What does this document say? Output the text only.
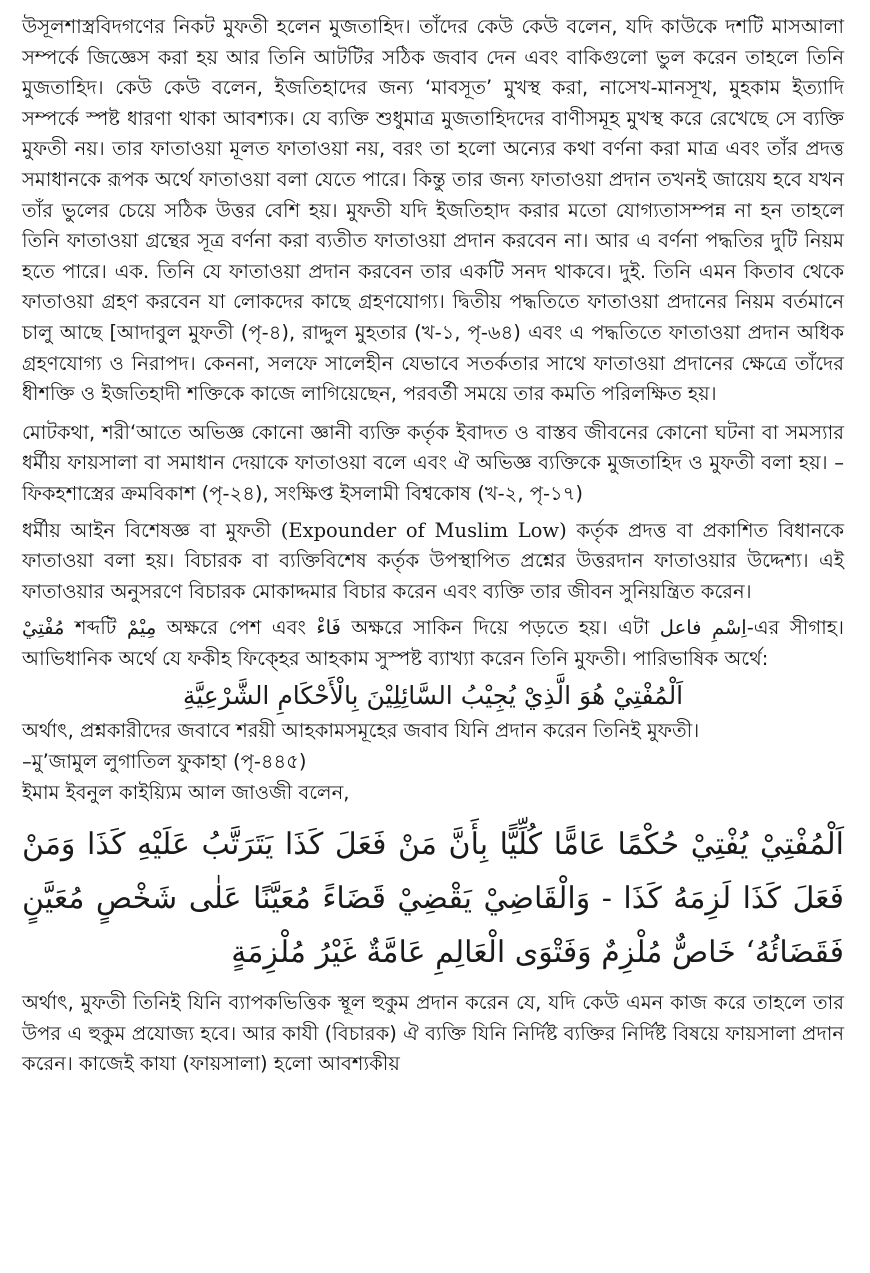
উসূলশাস্ত্রবিদগণের নিকট মুফতী হলেন মুজতাহিদ। তাঁদের কেউ কেউ বলেন, যদি কাউকে দশটি মাসআলা সম্পর্কে জিজ্ঞেস করা হয় আর তিনি আটটির সঠিক জবাব দেন এবং বাকিগুলো ভুল করেন তাহলে তিনি মুজতাহিদ। কেউ কেউ বলেন, ইজতিহাদের জন্য ‘মাবসূত’ মুখস্থ করা, নাসেখ-মানসূখ, মুহকাম ইত্যাদি সম্পর্কে স্পষ্ট ধারণা থাকা আবশ্যক। যে ব্যক্তি শুধুমাত্র মুজতাহিদদের বাণীসমূহ মুখস্থ করে রেখেছে সে ব্যক্তি মুফতী নয়। তার ফাতাওয়া মূলত ফাতাওয়া নয়, বরং তা হলো অন্যের কথা বর্ণনা করা মাত্র এবং তাঁর প্রদত্ত সমাধানকে রূপক অর্থে ফাতাওয়া বলা যেতে পারে। কিন্তু তার জন্য ফাতাওয়া প্রদান তখনই জায়েয হবে যখন তাঁর ভুলের চেয়ে সঠিক উত্তর বেশি হয়। মুফতী যদি ইজতিহাদ করার মতো যোগ্যতাসম্পন্ন না হন তাহলে তিনি ফাতাওয়া গ্রন্থের সূত্র বর্ণনা করা ব্যতীত ফাতাওয়া প্রদান করবেন না। আর এ বর্ণনা পদ্ধতির দুটি নিয়ম হতে পারে। এক. তিনি যে ফাতাওয়া প্রদান করবেন তার একটি সনদ থাকবে। দুই. তিনি এমন কিতাব থেকে ফাতাওয়া গ্রহণ করবেন যা লোকদের কাছে গ্রহণযোগ্য। দ্বিতীয় পদ্ধতিতে ফাতাওয়া প্রদানের নিয়ম বর্তমানে চালু আছে [আদাবুল মুফতী (পৃ-৪), রাদ্দুল মুহতার (খ-১, পৃ-৬৪) এবং এ পদ্ধতিতে ফাতাওয়া প্রদান অধিক গ্রহণযোগ্য ও নিরাপদ। কেননা, সলফে সালেহীন যেভাবে সতর্কতার সাথে ফাতাওয়া প্রদানের ক্ষেত্রে তাঁদের ধীশক্তি ও ইজতিহাদী শক্তিকে কাজে লাগিয়েছেন, পরবর্তী সময়ে তার কমতি পরিলক্ষিত হয়।

মোটকথা, শরী‘আতে অভিজ্ঞ কোনো জ্ঞানী ব্যক্তি কর্তৃক ইবাদত ও বাস্তব জীবনের কোনো ঘটনা বা সমস্যার ধর্মীয় ফায়সালা বা সমাধান দেয়াকে ফাতাওয়া বলে এবং ঐ অভিজ্ঞ ব্যক্তিকে মুজতাহিদ ও মুফতী বলা হয়। –ফিকহশাস্ত্রের ক্রমবিকাশ (পৃ-২৪), সংক্ষিপ্ত ইসলামী বিশ্বকোষ (খ-২, পৃ-১৭)

ধর্মীয় আইন বিশেষজ্ঞ বা মুফতী (Expounder of Muslim Low) কর্তৃক প্রদত্ত বা প্রকাশিত বিধানকে ফাতাওয়া বলা হয়। বিচারক বা ব্যক্তিবিশেষ কর্তৃক উপস্থাপিত প্রশ্নের উত্তরদান ফাতাওয়ার উদ্দেশ্য। এই ফাতাওয়ার অনুসরণে বিচারক মোকাদ্দমার বিচার করেন এবং ব্যক্তি তার জীবন সুনিয়ন্ত্রিত করেন।

مُفْتِيْ শব্দটি مِيْمْ অক্ষরে পেশ এবং فَاءْ অক্ষরে সাকিন দিয়ে পড়তে হয়। এটা اِسْمِ فاعل-এর সীগাহ। আভিধানিক অর্থে যে ফকীহ ফিক্হের আহকাম সুস্পষ্ট ব্যাখ্যা করেন তিনি মুফতী। পারিভাষিক অর্থে:

اَلْمُفْتِيْ هُوَ الَّذِيْ يُجِيْبُ السَّائِلِيْنَ بِالْأَحْكَامِ الشَّرْعِيَّةِ

অর্থাৎ, প্রশ্নকারীদের জবাবে শরয়ী আহকামসমূহের জবাব যিনি প্রদান করেন তিনিই মুফতী।

–মু’জামুল লুগাতিল ফুকাহা (পৃ-৪৪৫)

ইমাম ইবনুল কাইয়্যিম আল জাওজী বলেন,

اَلْمُفْتِيْ يُفْتِيْ حُكْمًا عَامًّا كُلِّيًّا بِأَنَّ مَنْ فَعَلَ كَذَا يَتَرَتَّبُ عَلَيْهِ كَذَا وَمَنْ فَعَلَ كَذَا لَزِمَهُ كَذَا - وَالْقَاضِيْ يَقْضِيْ قَضَاءً مُعَيَّنًا عَلٰى شَخْصٍ مُعَيَّنٍ فَقَضَائُهُ‘ خَاصٌّ مُلْزِمٌ وَفَتْوَى الْعَالِمِ عَامَّةٌ غَيْرُ مُلْزِمَةٍ

অর্থাৎ, মুফতী তিনিই যিনি ব্যাপকভিত্তিক স্থূল হুকুম প্রদান করেন যে, যদি কেউ এমন কাজ করে তাহলে তার উপর এ হুকুম প্রযোজ্য হবে। আর কাযী (বিচারক) ঐ ব্যক্তি যিনি নির্দিষ্ট ব্যক্তির নির্দিষ্ট বিষয়ে ফায়সালা প্রদান করেন। কাজেই কাযা (ফায়সালা) হলো আবশ্যকীয়
